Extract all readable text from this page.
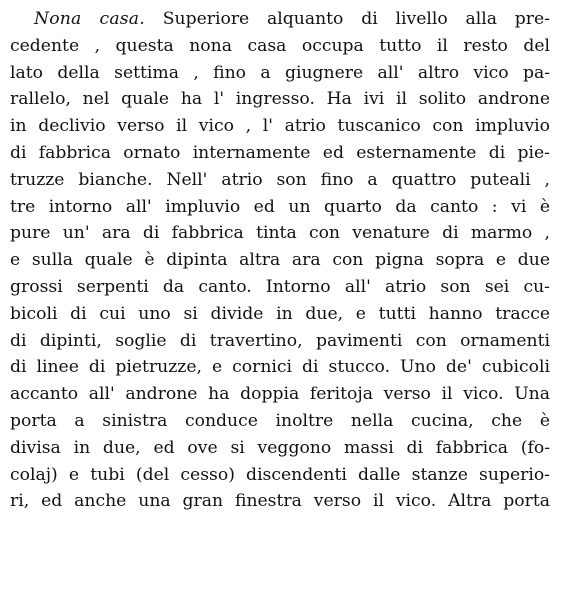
Nona casa. Superiore alquanto di livello alla pre-
cedente , questa nona casa occupa tutto il resto del
lato della settima , fino a giugnere all' altro vico pa-
rallelo, nel quale ha l' ingresso. Ha ivi il solito androne
in declivio verso il vico , l' atrio tuscanico con impluvio
di fabbrica ornato internamente ed esternamente di pie-
truzze bianche. Nell' atrio son fino a quattro puteali ,
tre intorno all' impluvio ed un quarto da canto : vi è
pure un' ara di fabbrica tinta con venature di marmo ,
e sulla quale è dipinta altra ara con pigna sopra e due
grossi serpenti da canto. Intorno all' atrio son sei cu-
bicoli di cui uno si divide in due, e tutti hanno tracce
di dipinti, soglie di travertino, pavimenti con ornamenti
di linee di pietruzze, e cornici di stucco. Uno de' cubicoli
accanto all' androne ha doppia feritoja verso il vico. Una
porta a sinistra conduce inoltre nella cucina, che è
divisa in due, ed ove si veggono massi di fabbrica (fo-
colaj) e tubi (del cesso) discendenti dalle stanze superio-
ri, ed anche una gran finestra verso il vico. Altra porta
